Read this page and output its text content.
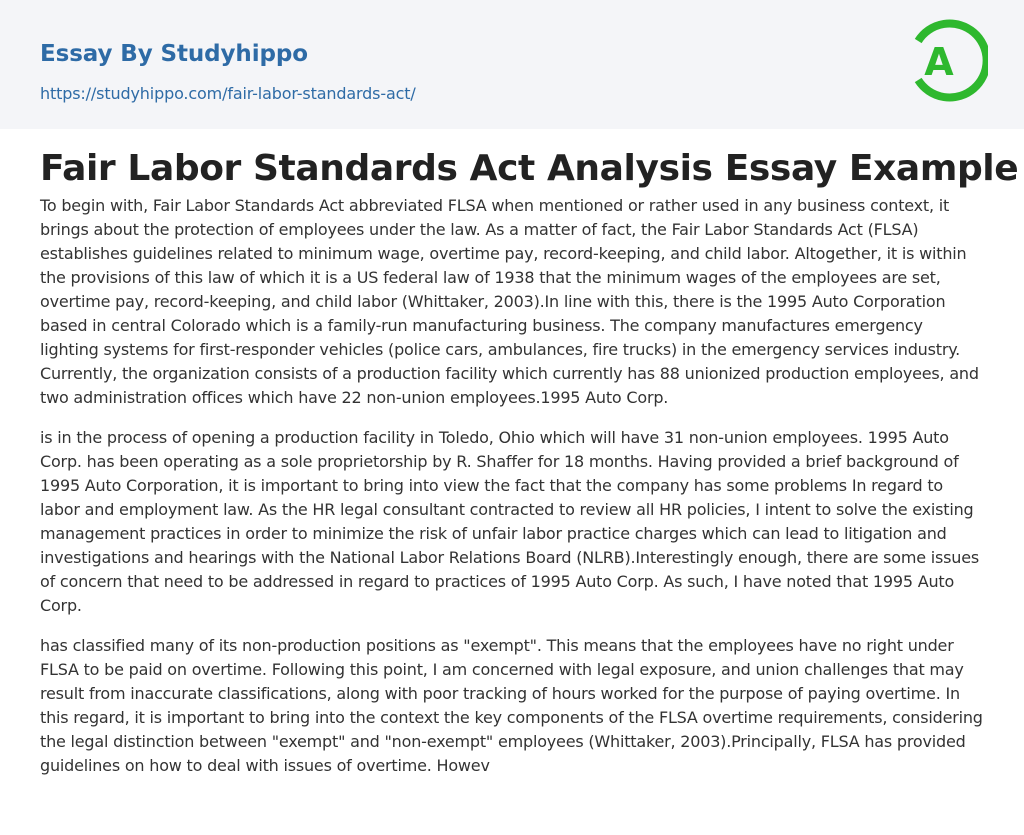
Essay By Studyhippo
https://studyhippo.com/fair-labor-standards-act/
A
Fair Labor Standards Act Analysis Essay Example

To begin with, Fair Labor Standards Act abbreviated FLSA when mentioned or rather used in any business context, it brings about the protection of employees under the law. As a matter of fact, the Fair Labor Standards Act (FLSA) establishes guidelines related to minimum wage, overtime pay, record-keeping, and child labor. Altogether, it is within the provisions of this law of which it is a US federal law of 1938 that the minimum wages of the employees are set, overtime pay, record-keeping, and child labor (Whittaker, 2003).In line with this, there is the 1995 Auto Corporation based in central Colorado which is a family-run manufacturing business. The company manufactures emergency lighting systems for first-responder vehicles (police cars, ambulances, fire trucks) in the emergency services industry. Currently, the organization consists of a production facility which currently has 88 unionized production employees, and two administration offices which have 22 non-union employees.1995 Auto Corp.

is in the process of opening a production facility in Toledo, Ohio which will have 31 non-union employees. 1995 Auto Corp. has been operating as a sole proprietorship by R. Shaffer for 18 months. Having provided a brief background of 1995 Auto Corporation, it is important to bring into view the fact that the company has some problems In regard to labor and employment law. As the HR legal consultant contracted to review all HR policies, I intent to solve the existing management practices in order to minimize the risk of unfair labor practice charges which can lead to litigation and investigations and hearings with the National Labor Relations Board (NLRB).Interestingly enough, there are some issues of concern that need to be addressed in regard to practices of 1995 Auto Corp. As such, I have noted that 1995 Auto Corp.

has classified many of its non-production positions as "exempt". This means that the employees have no right under FLSA to be paid on overtime. Following this point, I am concerned with legal exposure, and union challenges that may result from inaccurate classifications, along with poor tracking of hours worked for the purpose of paying overtime. In this regard, it is important to bring into the context the key components of the FLSA overtime requirements, considering the legal distinction between "exempt" and "non-exempt" employees (Whittaker, 2003).Principally, FLSA has provided guidelines on how to deal with issues of overtime. Howev
